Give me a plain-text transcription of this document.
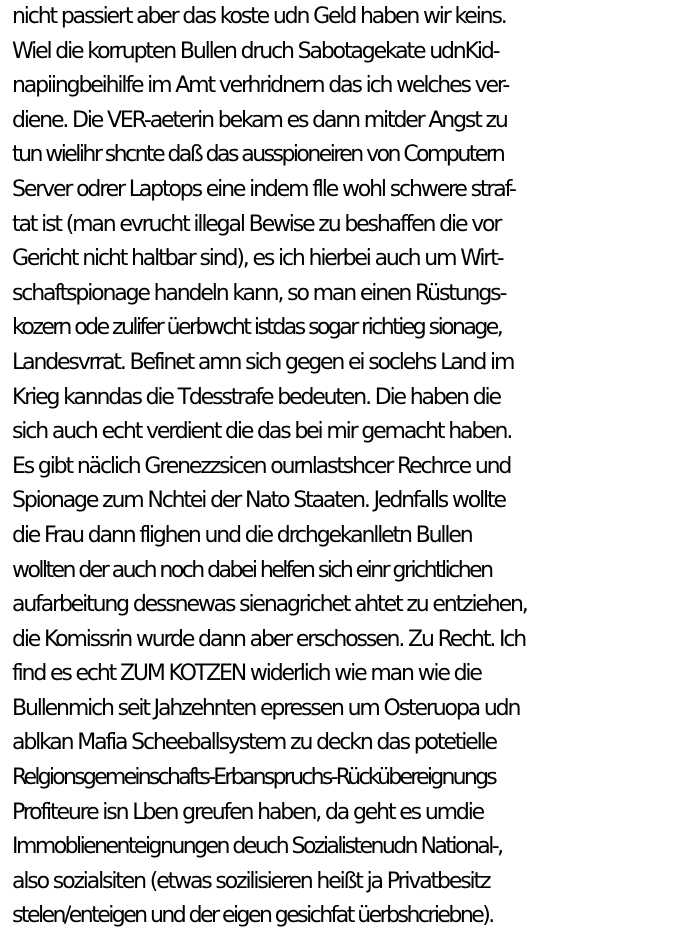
nicht passiert aber das koste udn Geld haben wir keins.
Wiel die korrupten Bullen druch Sabotagekate udnKid-
napiingbeihilfe im Amt verhridnern das ich welches ver-
diene. Die VER-aeterin bekam es dann mitder Angst zu
tun wielihr shcnte daß das ausspioneiren von Computern
Server odrer Laptops eine indem flle wohl schwere straf-
tat ist (man evrucht illegal Bewise zu beshaffen die vor
Gericht nicht haltbar sind), es ich hierbei auch um Wirt-
schaftspionage handeln kann, so man einen Rüstungs-
kozern ode zulifer üerbwcht istdas sogar richtieg sionage,
Landesvrrat. Befinet amn sich gegen ei soclehs Land im
Krieg kanndas die Tdesstrafe bedeuten. Die haben die
sich auch echt verdient die das bei mir gemacht haben.
Es gibt näclich Grenezzsicen ournlastshcer Rechrce und
Spionage zum Nchtei der Nato Staaten. Jednfalls wollte
die Frau dann flighen und die drchgekanlletn Bullen
wollten der auch noch dabei helfen sich einr grichtlichen
aufarbeitung dessnewas sienagrichet ahtet zu entziehen,
die Komissrin wurde dann aber erschossen. Zu Recht. Ich
find es echt ZUM KOTZEN widerlich wie man wie die
Bullenmich seit Jahzehnten epressen um Osteruopa udn
ablkan Mafia Scheeballsystem zu deckn das potetielle
Relgionsgemeinschafts-Erbanspruchs-Rückübereignungs
Profiteure isn Lben greufen haben, da geht es umdie
Immoblienenteignungen deuch Sozialistenudn National-,
also sozialsiten (etwas sozilisieren heißt ja Privatbesitz
stelen/enteigen und der eigen gesichfat üerbshcriebne).
